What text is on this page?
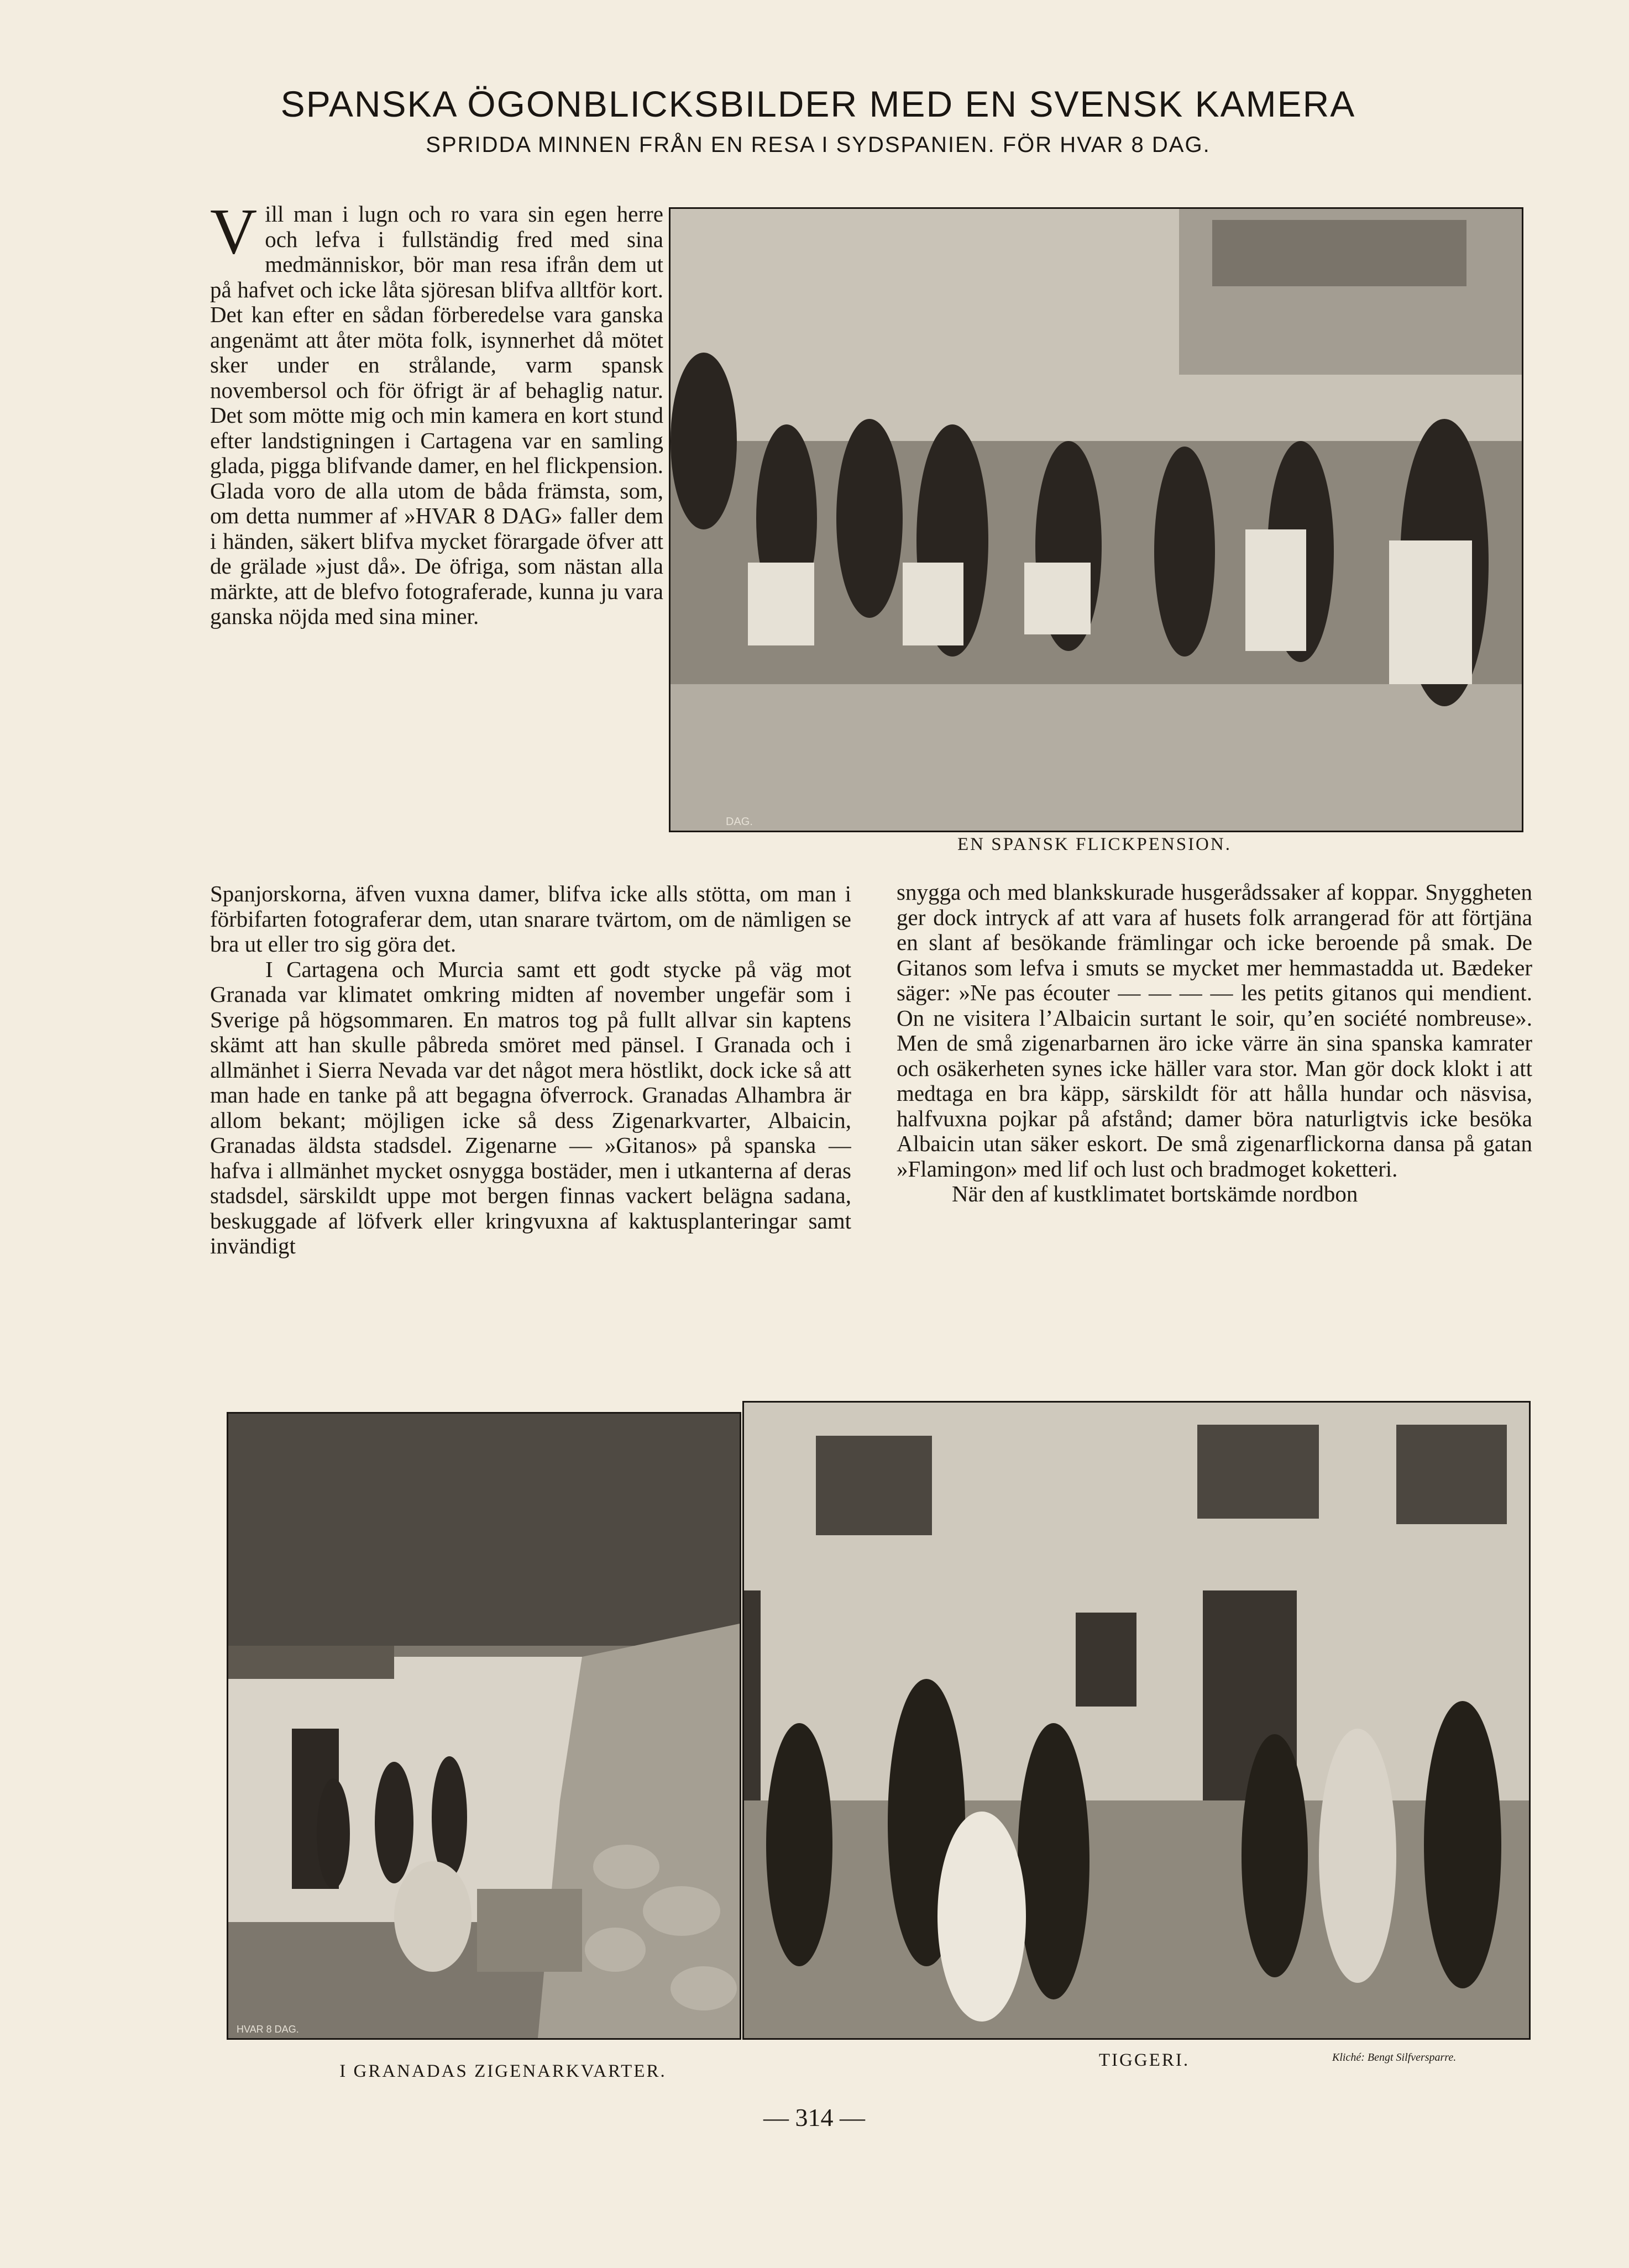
SPANSKA ÖGONBLICKSBILDER MED EN SVENSK KAMERA
SPRIDDA MINNEN FRÅN EN RESA I SYDSPANIEN. FÖR HVAR 8 DAG.

Vill man i lugn och ro vara sin egen herre och lefva i fullständig fred med sina medmänniskor, bör man resa ifrån dem ut på hafvet och icke låta sjöresan blifva alltför kort. Det kan efter en sådan förberedelse vara ganska angenämt att åter möta folk, isynnerhet då mötet sker under en strålande, varm spansk novembersol och för öfrigt är af behaglig natur. Det som mötte mig och min kamera en kort stund efter landstigningen i Cartagena var en samling glada, pigga blifvande damer, en hel flickpension. Glada voro de alla utom de båda främsta, som, om detta nummer af »HVAR 8 DAG» faller dem i händen, säkert blifva mycket förargade öfver att de grälade »just då». De öfriga, som nästan alla märkte, att de blefvo fotograferade, kunna ju vara ganska nöjda med sina miner.

DAG.
EN SPANSK FLICKPENSION.

Spanjorskorna, äfven vuxna damer, blifva icke alls stötta, om man i förbifarten fotograferar dem, utan snarare tvärtom, om de nämligen se bra ut eller tro sig göra det.

I Cartagena och Murcia samt ett godt stycke på väg mot Granada var klimatet omkring midten af november ungefär som i Sverige på högsommaren. En matros tog på fullt allvar sin kaptens skämt att han skulle påbreda smöret med pänsel. I Granada och i allmänhet i Sierra Nevada var det något mera höstlikt, dock icke så att man hade en tanke på att begagna öfverrock. Granadas Alhambra är allom bekant; möjligen icke så dess Zigenarkvarter, Albaicin, Granadas äldsta stadsdel. Zigenarne — »Gitanos» på spanska — hafva i allmänhet mycket osnygga bostäder, men i utkanterna af deras stadsdel, särskildt uppe mot bergen finnas vackert belägna sadana, beskuggade af löfverk eller kringvuxna af kaktusplanteringar samt invändigt

snygga och med blankskurade husgerådssaker af koppar. Snyggheten ger dock intryck af att vara af husets folk arrangerad för att förtjäna en slant af besökande främlingar och icke beroende på smak. De Gitanos som lefva i smuts se mycket mer hemmastadda ut. Bædeker säger: »Ne pas écouter — — — — les petits gitanos qui mendient. On ne visitera l’Albaicin surtant le soir, qu’en société nombreuse». Men de små zigenarbarnen äro icke värre än sina spanska kamrater och osäkerheten synes icke häller vara stor. Man gör dock klokt i att medtaga en bra käpp, särskildt för att hålla hundar och näsvisa, halfvuxna pojkar på afstånd; damer böra naturligtvis icke besöka Albaicin utan säker eskort. De små zigenarflickorna dansa på gatan »Flamingon» med lif och lust och bradmoget koketteri.

När den af kustklimatet bortskämde nordbon

HVAR 8 DAG.
I GRANADAS ZIGENARKVARTER.
TIGGERI.	Kliché: Bengt Silfversparre.
— 314 —
